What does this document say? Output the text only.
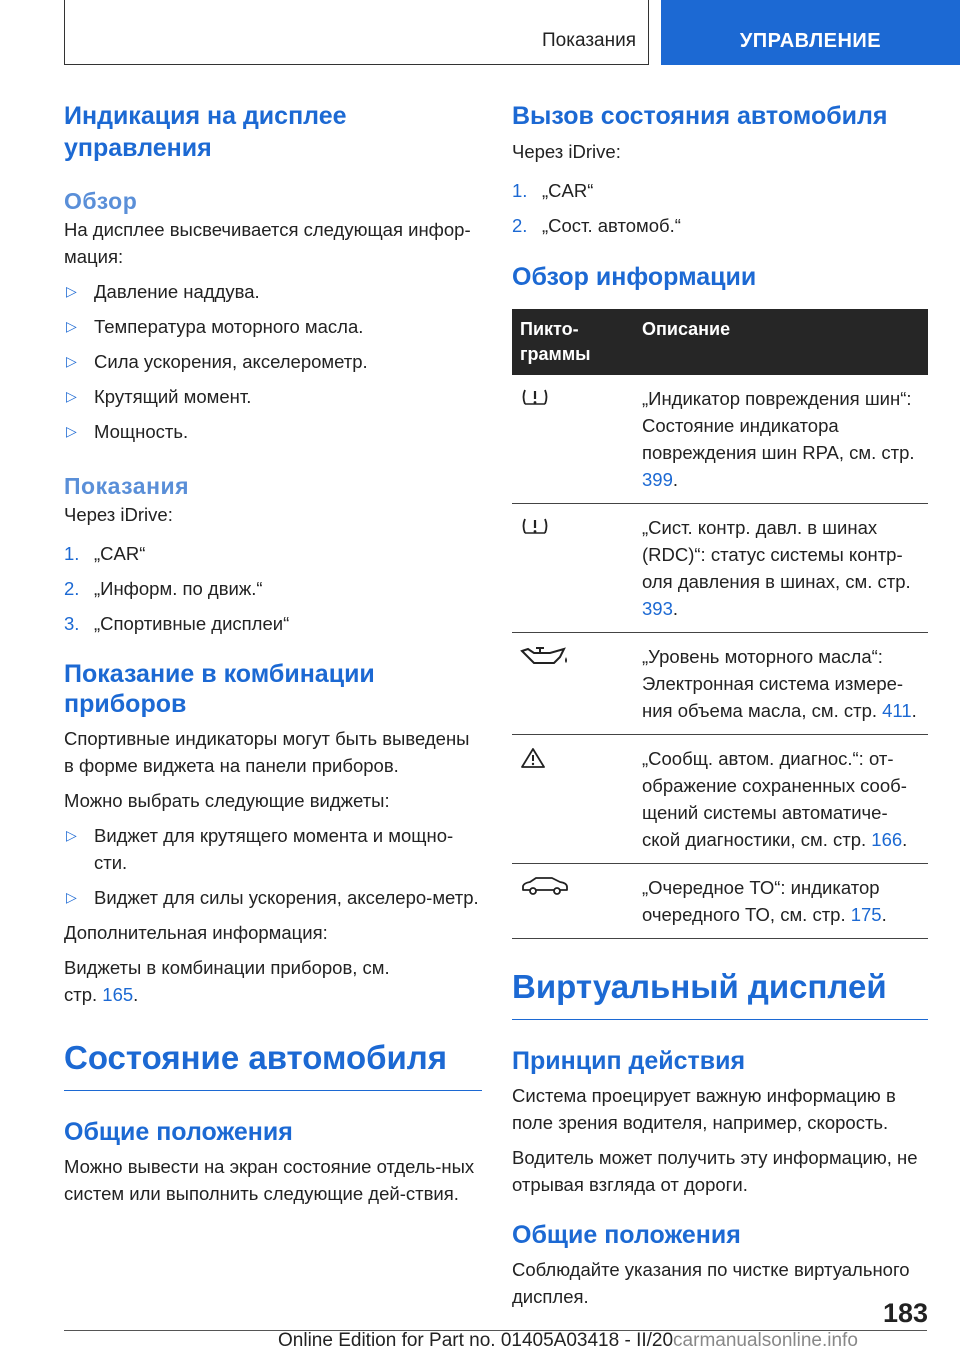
Показания	УПРАВЛЕНИЕ
Индикация на дисплее управления
Обзор

На дисплее высвечивается следующая инфор-мация:

▷ Давление наддува.
▷ Температура моторного масла.
▷ Сила ускорения, акселерометр.
▷ Крутящий момент.
▷ Мощность.
Показания

Через iDrive:

1. „CAR“
2. „Информ. по движ.“
3. „Спортивные дисплеи“
Показание в комбинации приборов

Спортивные индикаторы могут быть выведены в форме виджета на панели приборов.

Можно выбрать следующие виджеты:

▷ Виджет для крутящего момента и мощно-сти.
▷ Виджет для силы ускорения, акселеро-метр.

Дополнительная информация:

Виджеты в комбинации приборов, см. стр. 165.

Состояние автомобиля
Общие положения

Можно вывести на экран состояние отдель-ных систем или выполнить следующие дей-ствия.

Вызов состояния автомобиля

Через iDrive:

1. „CAR“
2. „Сост. автомоб.“
Обзор информации
Пикто-граммы	Описание

	„Индикатор повреждения шин“: Состояние индикатора повреждения шин RPA, см. стр. 399.

	„Сист. контр. давл. в шинах (RDC)“: статус системы контр-оля давления в шинах, см. стр. 393.

	„Уровень моторного масла“: Электронная система измере-ния объема масла, см. стр. 411.

	„Сообщ. автом. диагнос.“: от-ображение сохраненных сооб-щений системы автоматиче-ской диагностики, см. стр. 166.

	„Очередное ТО“: индикатор очередного ТО, см. стр. 175.
Виртуальный дисплей
Принцип действия

Система проецирует важную информацию в поле зрения водителя, например, скорость.

Водитель может получить эту информацию, не отрывая взгляда от дороги.

Общие положения

Соблюдайте указания по чистке виртуального дисплея.

183
Online Edition for Part no. 01405A03418 - II/20carmanualsonline.info
